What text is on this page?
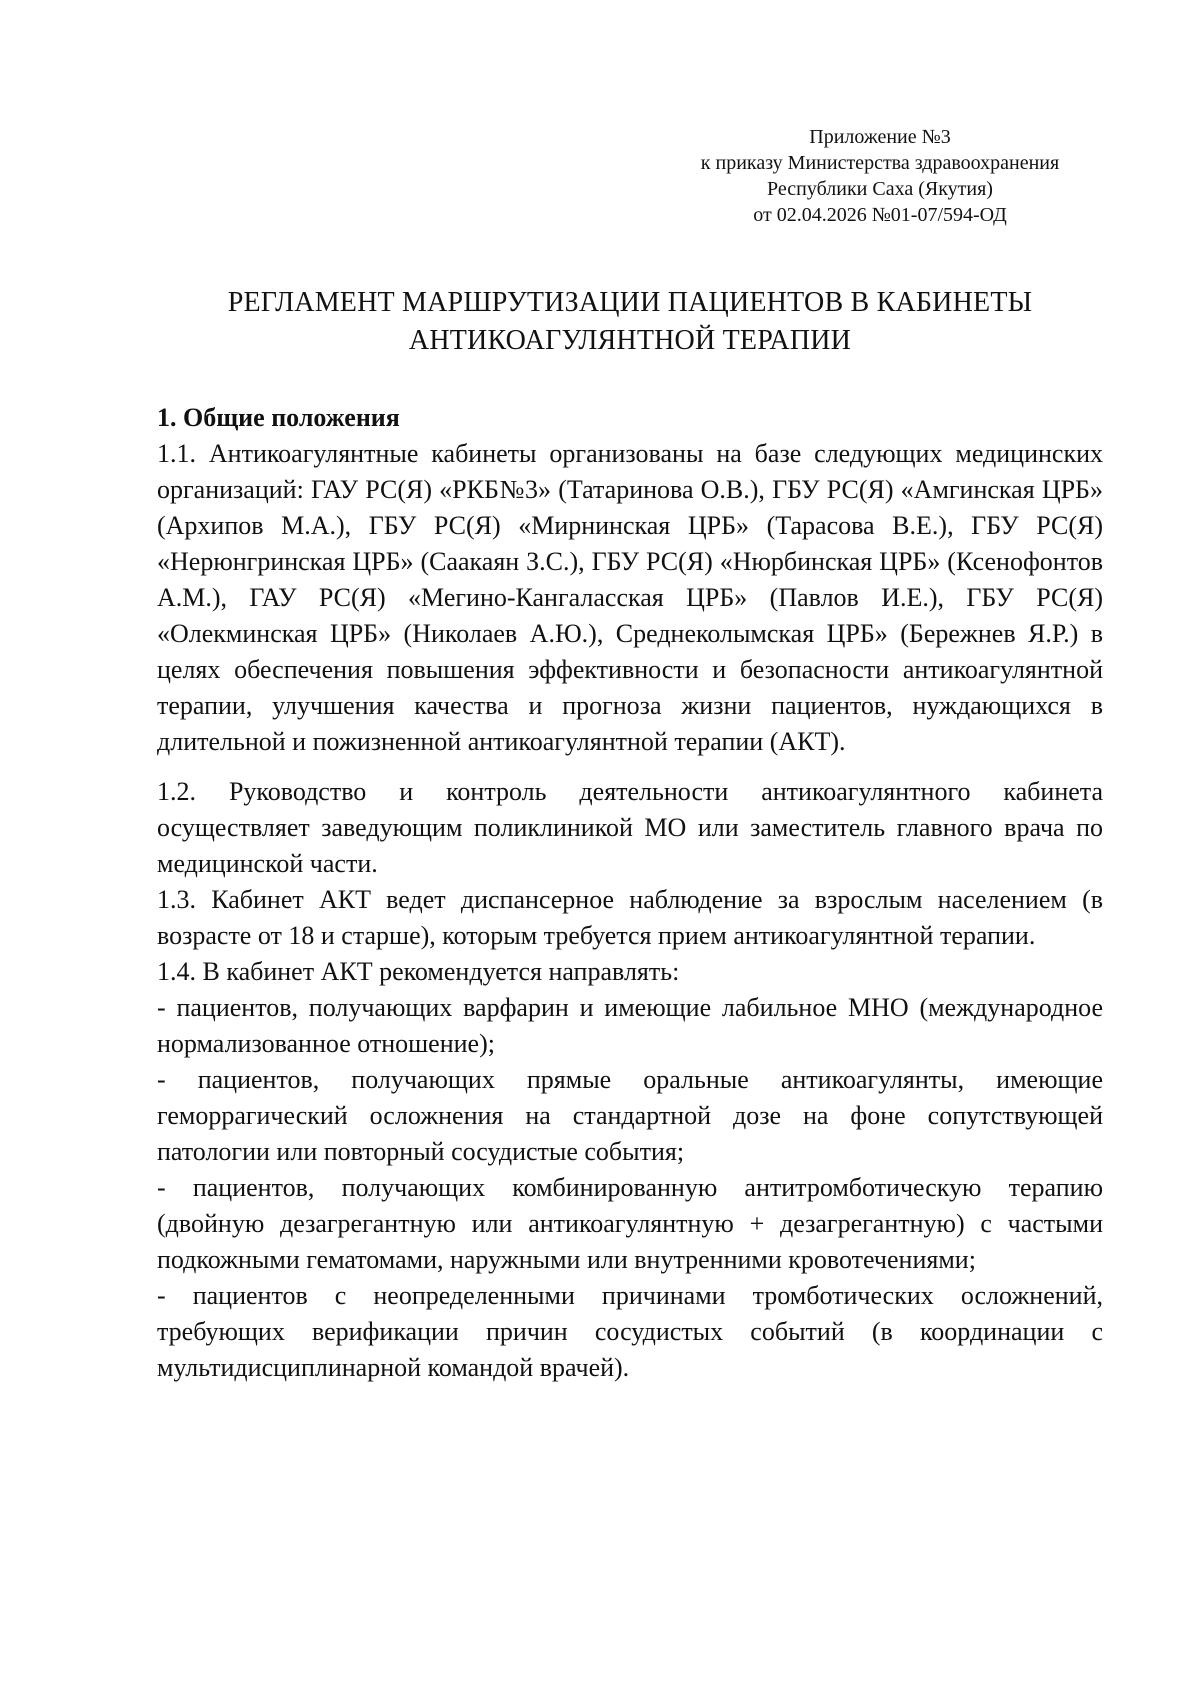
Приложение №3
к приказу Министерства здравоохранения
Республики Саха (Якутия)
от 02.04.2026 №01-07/594-ОД
РЕГЛАМЕНТ МАРШРУТИЗАЦИИ ПАЦИЕНТОВ В КАБИНЕТЫ
АНТИКОАГУЛЯНТНОЙ ТЕРАПИИ

1. Общие положения

1.1. Антикоагулянтные кабинеты организованы на базе следующих медицинских организаций: ГАУ РС(Я) «РКБ№3» (Татаринова О.В.), ГБУ РС(Я) «Амгинская ЦРБ» (Архипов М.А.), ГБУ РС(Я) «Мирнинская ЦРБ» (Тарасова В.Е.), ГБУ РС(Я) «Нерюнгринская ЦРБ» (Саакаян З.С.), ГБУ РС(Я) «Нюрбинская ЦРБ» (Ксенофонтов А.М.), ГАУ РС(Я) «Мегино-Кангаласская ЦРБ» (Павлов И.Е.), ГБУ РС(Я) «Олекминская ЦРБ» (Николаев А.Ю.), Среднеколымская ЦРБ» (Бережнев Я.Р.) в целях обеспечения повышения эффективности и безопасности антикоагулянтной терапии, улучшения качества и прогноза жизни пациентов, нуждающихся в длительной и пожизненной антикоагулянтной терапии (АКТ).

1.2. Руководство и контроль деятельности антикоагулянтного кабинета осуществляет заведующим поликлиникой МО или заместитель главного врача по медицинской части.

1.3. Кабинет АКТ ведет диспансерное наблюдение за взрослым населением (в возрасте от 18 и старше), которым требуется прием антикоагулянтной терапии.

1.4. В кабинет АКТ рекомендуется направлять:

- пациентов, получающих варфарин и имеющие лабильное МНО (международное нормализованное отношение);

- пациентов, получающих прямые оральные антикоагулянты, имеющие геморрагический осложнения на стандартной дозе на фоне сопутствующей патологии или повторный сосудистые события;

- пациентов, получающих комбинированную антитромботическую терапию (двойную дезагрегантную или антикоагулянтную + дезагрегантную) с частыми подкожными гематомами, наружными или внутренними кровотечениями;

- пациентов с неопределенными причинами тромботических осложнений, требующих верификации причин сосудистых событий (в координации с мультидисциплинарной командой врачей).
